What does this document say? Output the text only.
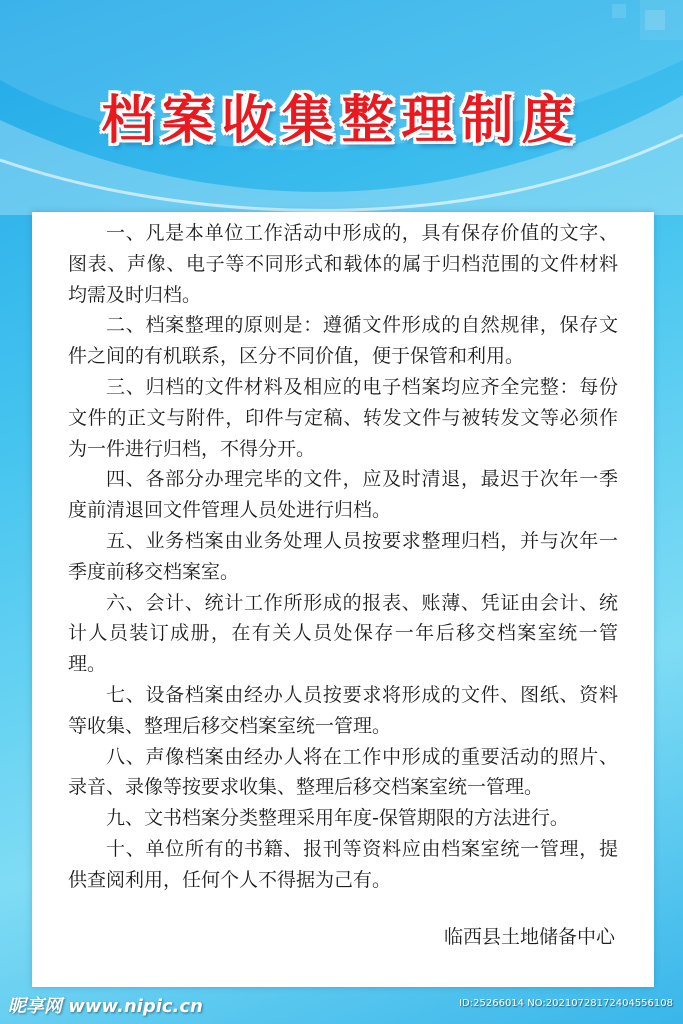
档案收集整理制度

一、凡是本单位工作活动中形成的，具有保存价值的文字、图表、声像、电子等不同形式和载体的属于归档范围的文件材料均需及时归档。

二、档案整理的原则是：遵循文件形成的自然规律，保存文件之间的有机联系，区分不同价值，便于保管和利用。

三、归档的文件材料及相应的电子档案均应齐全完整：每份文件的正文与附件，印件与定稿、转发文件与被转发文等必须作为一件进行归档，不得分开。

四、各部分办理完毕的文件，应及时清退，最迟于次年一季度前清退回文件管理人员处进行归档。

五、业务档案由业务处理人员按要求整理归档，并与次年一季度前移交档案室。

六、会计、统计工作所形成的报表、账薄、凭证由会计、统计人员装订成册，在有关人员处保存一年后移交档案室统一管理。

七、设备档案由经办人员按要求将形成的文件、图纸、资料等收集、整理后移交档案室统一管理。

八、声像档案由经办人将在工作中形成的重要活动的照片、录音、录像等按要求收集、整理后移交档案室统一管理。

九、文书档案分类整理采用年度-保管期限的方法进行。

十、单位所有的书籍、报刊等资料应由档案室统一管理，提供查阅利用，任何个人不得据为己有。

临西县土地储备中心
昵享网 www.nipic.cn	ID:25266014 NO:20210728172404556108
